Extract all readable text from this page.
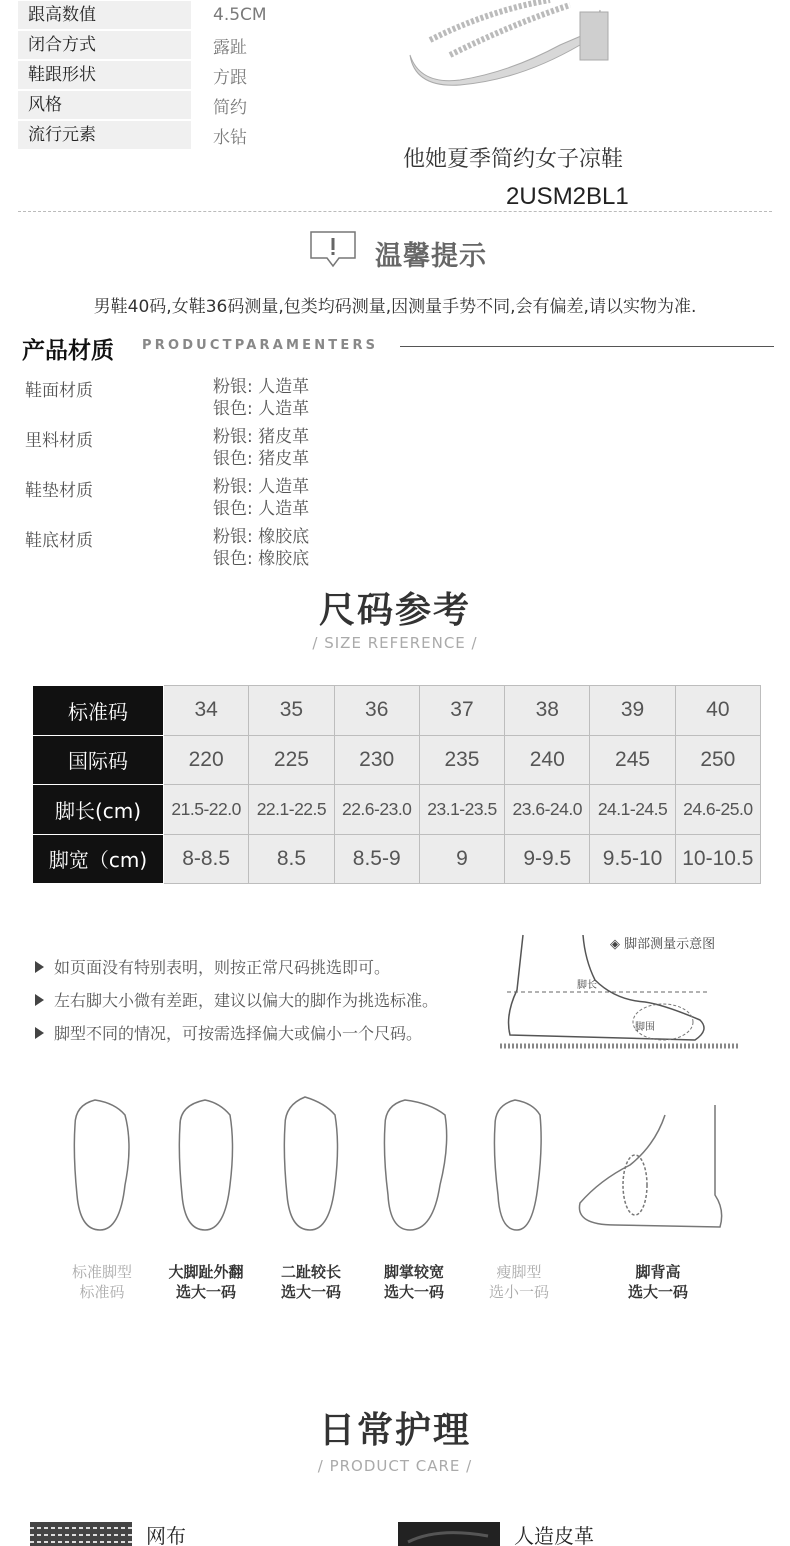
跟高数值	4.5CM
闭合方式	露趾
鞋跟形状	方跟
风格	简约
流行元素	水钻
他她夏季简约女子凉鞋
2USM2BL1
温馨提示
男鞋40码,女鞋36码测量,包类均码测量,因测量手势不同,会有偏差,请以实物为准.
产品材质 PRODUCTPARAMENTERS
鞋面材质	粉银: 人造革
银色: 人造革
里料材质	粉银: 猪皮革
银色: 猪皮革
鞋垫材质	粉银: 人造革
银色: 人造革
鞋底材质	粉银: 橡胶底
银色: 橡胶底
尺码参考
/ SIZE REFERENCE /
标准码	34	35	36	37	38	39	40
国际码	220	225	230	235	240	245	250
脚长(cm)	21.5-22.0	22.1-22.5	22.6-23.0	23.1-23.5	23.6-24.0	24.1-24.5	24.6-25.0
脚宽（cm)	8-8.5	8.5	8.5-9	9	9-9.5	9.5-10	10-10.5
如页面没有特别表明，则按正常尺码挑选即可。
左右脚大小微有差距，建议以偏大的脚作为挑选标准。
脚型不同的情况，可按需选择偏大或偏小一个尺码。
◈ 脚部测量示意图
脚长
脚围
标准脚型
标准码
大脚趾外翻
选大一码
二趾较长
选大一码
脚掌较宽
选大一码
瘦脚型
选小一码
脚背高
选大一码
日常护理
/ PRODUCT CARE /
网布	人造皮革
